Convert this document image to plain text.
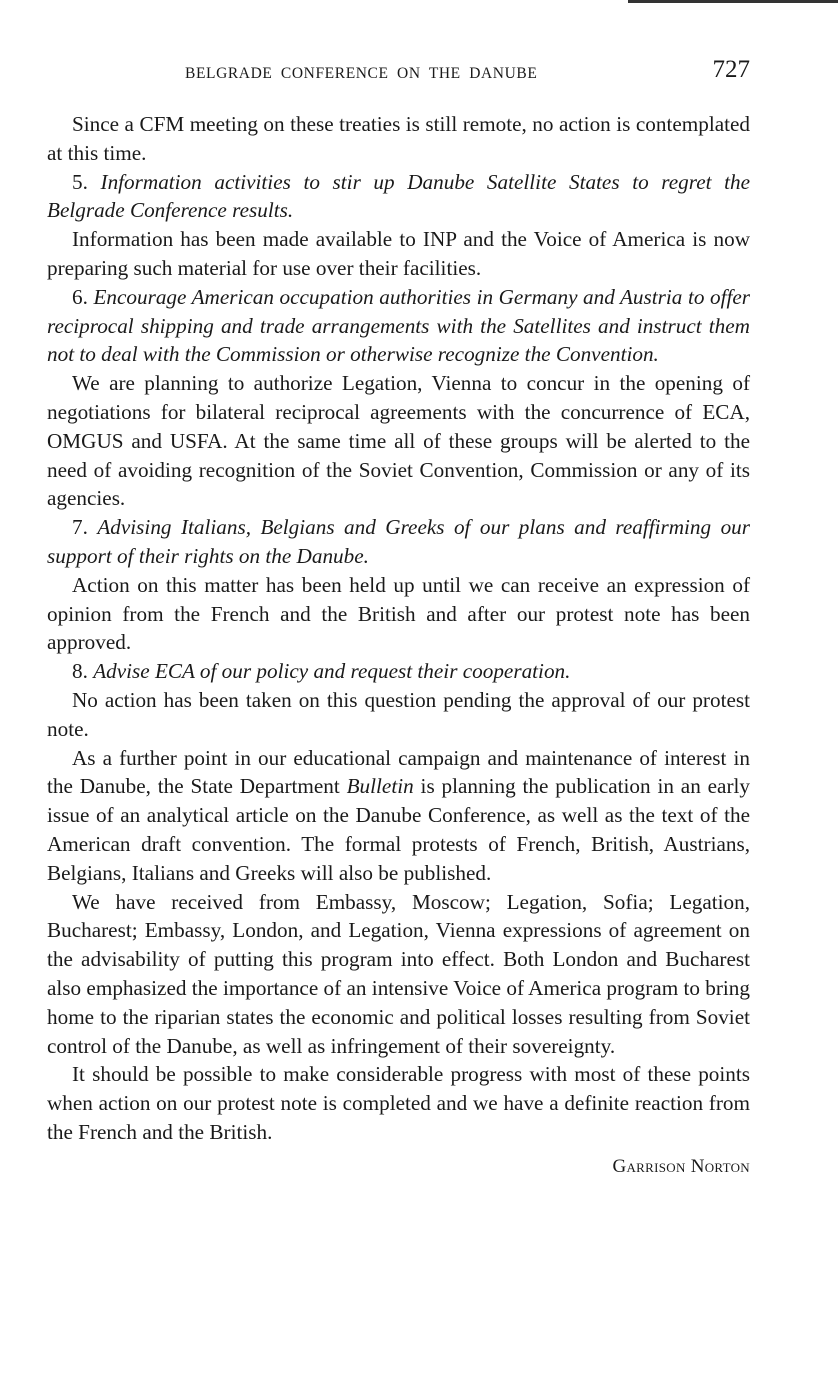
BELGRADE CONFERENCE ON THE DANUBE	727

Since a CFM meeting on these treaties is still remote, no action is contemplated at this time.

5. Information activities to stir up Danube Satellite States to regret the Belgrade Conference results.

Information has been made available to INP and the Voice of America is now preparing such material for use over their facilities.

6. Encourage American occupation authorities in Germany and Austria to offer reciprocal shipping and trade arrangements with the Satellites and instruct them not to deal with the Commission or otherwise recognize the Convention.

We are planning to authorize Legation, Vienna to concur in the opening of negotiations for bilateral reciprocal agreements with the concurrence of ECA, OMGUS and USFA. At the same time all of these groups will be alerted to the need of avoiding recognition of the Soviet Convention, Commission or any of its agencies.

7. Advising Italians, Belgians and Greeks of our plans and reaffirming our support of their rights on the Danube.

Action on this matter has been held up until we can receive an expression of opinion from the French and the British and after our protest note has been approved.

8. Advise ECA of our policy and request their cooperation.

No action has been taken on this question pending the approval of our protest note.

As a further point in our educational campaign and maintenance of interest in the Danube, the State Department Bulletin is planning the publication in an early issue of an analytical article on the Danube Conference, as well as the text of the American draft convention. The formal protests of French, British, Austrians, Belgians, Italians and Greeks will also be published.

We have received from Embassy, Moscow; Legation, Sofia; Legation, Bucharest; Embassy, London, and Legation, Vienna expressions of agreement on the advisability of putting this program into effect. Both London and Bucharest also emphasized the importance of an intensive Voice of America program to bring home to the riparian states the economic and political losses resulting from Soviet control of the Danube, as well as infringement of their sovereignty.

It should be possible to make considerable progress with most of these points when action on our protest note is completed and we have a definite reaction from the French and the British.

Garrison Norton
